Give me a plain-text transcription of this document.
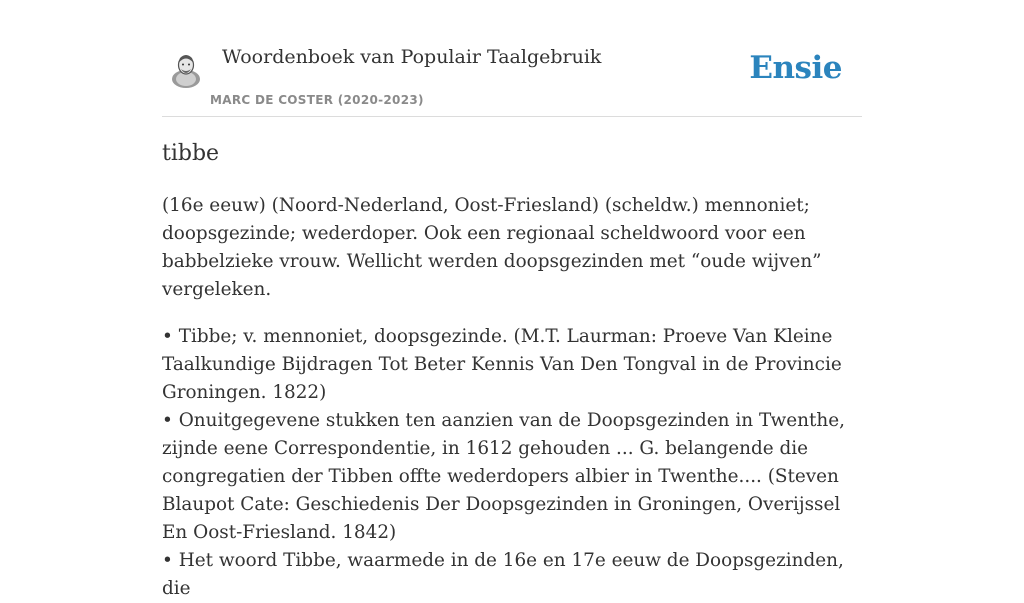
Woordenboek van Populair Taalgebruik
MARC DE COSTER (2020-2023)
Ensie
tibbe

(16e eeuw) (Noord-Nederland, Oost-Friesland) (scheldw.) mennoniet; doopsgezinde; wederdoper. Ook een regionaal scheldwoord voor een babbelzieke vrouw. Wellicht werden doopsgezinden met “oude wijven” vergeleken.

• Tibbe; v. mennoniet, doopsgezinde. (M.T. Laurman: Proeve Van Kleine Taalkundige Bijdragen Tot Beter Kennis Van Den Tongval in de Provincie Groningen. 1822)
• Onuitgegevene stukken ten aanzien van de Doopsgezinden in Twenthe, zijnde eene Correspondentie, in 1612 gehouden ... G. belangende die congregatien der Tibben offte wederdopers albier in Twenthe.... (Steven Blaupot Cate: Geschiedenis Der Doopsgezinden in Groningen, Overijssel En Oost-Friesland. 1842)
• Het woord Tibbe, waarmede in de 16e en 17e eeuw de Doopsgezinden, die
